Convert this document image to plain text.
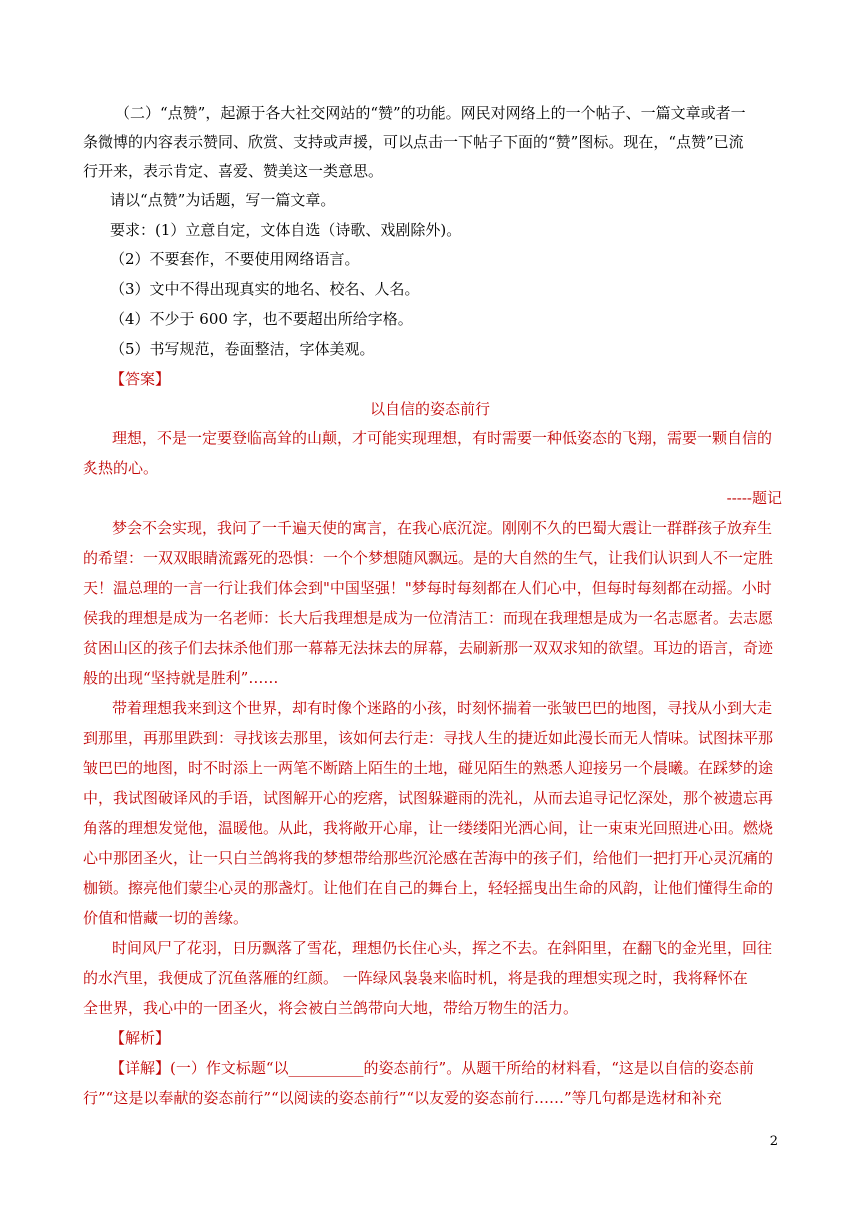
（二）“点赞”，起源于各大社交网站的“赞”的功能。网民对网络上的一个帖子、一篇文章或者一
条微博的内容表示赞同、欣赏、支持或声援，可以点击一下帖子下面的“赞”图标。现在，“点赞”已流
行开来，表示肯定、喜爱、赞美这一类意思。
请以“点赞”为话题，写一篇文章。
要求：(1）立意自定，文体自选（诗歌、戏剧除外)。
（2）不要套作，不要使用网络语言。
（3）文中不得出现真实的地名、校名、人名。
（4）不少于 600 字，也不要超出所给字格。
（5）书写规范，卷面整洁，字体美观。
【答案】
以自信的姿态前行
理想，不是一定要登临高耸的山颠，才可能实现理想，有时需要一种低姿态的飞翔，需要一颗自信的
炙热的心。
-----题记
梦会不会实现，我问了一千遍天使的寓言，在我心底沉淀。刚刚不久的巴蜀大震让一群群孩子放弃生
的希望：一双双眼睛流露死的恐惧：一个个梦想随风飘远。是的大自然的生气，让我们认识到人不一定胜
天！温总理的一言一行让我们体会到"中国坚强！"梦每时每刻都在人们心中，但每时每刻都在动摇。小时
侯我的理想是成为一名老师：长大后我理想是成为一位清洁工：而现在我理想是成为一名志愿者。去志愿
贫困山区的孩子们去抹杀他们那一幕幕无法抹去的屏幕，去刷新那一双双求知的欲望。耳边的语言，奇迹
般的出现“坚持就是胜利”……
带着理想我来到这个世界，却有时像个迷路的小孩，时刻怀揣着一张皱巴巴的地图，寻找从小到大走
到那里，再那里跌到：寻找该去那里，该如何去行走：寻找人生的捷近如此漫长而无人情味。试图抹平那
皱巴巴的地图，时不时添上一两笔不断踏上陌生的土地，碰见陌生的熟悉人迎接另一个晨曦。在踩梦的途
中，我试图破译风的手语，试图解开心的疙瘩，试图躲避雨的洗礼，从而去追寻记忆深处，那个被遗忘再
角落的理想发觉他，温暖他。从此，我将敞开心扉，让一缕缕阳光洒心间，让一束束光回照进心田。燃烧
心中那团圣火，让一只白兰鸽将我的梦想带给那些沉沦感在苦海中的孩子们，给他们一把打开心灵沉痛的
枷锁。擦亮他们蒙尘心灵的那盏灯。让他们在自己的舞台上，轻轻摇曳出生命的风韵，让他们懂得生命的
价值和惜藏一切的善缘。
时间风尸了花羽，日历飘落了雪花，理想仍长住心头，挥之不去。在斜阳里，在翻飞的金光里，回往
的水汽里，我便成了沉鱼落雁的红颜。 一阵绿风袅袅来临时机，将是我的理想实现之时，我将释怀在
全世界，我心中的一团圣火，将会被白兰鸽带向大地，带给万物生的活力。
【解析】
【详解】(一）作文标题“以__________的姿态前行”。从题干所给的材料看，“这是以自信的姿态前
行”“这是以奉献的姿态前行”“以阅读的姿态前行”“以友爱的姿态前行……”等几句都是选材和补充
2
